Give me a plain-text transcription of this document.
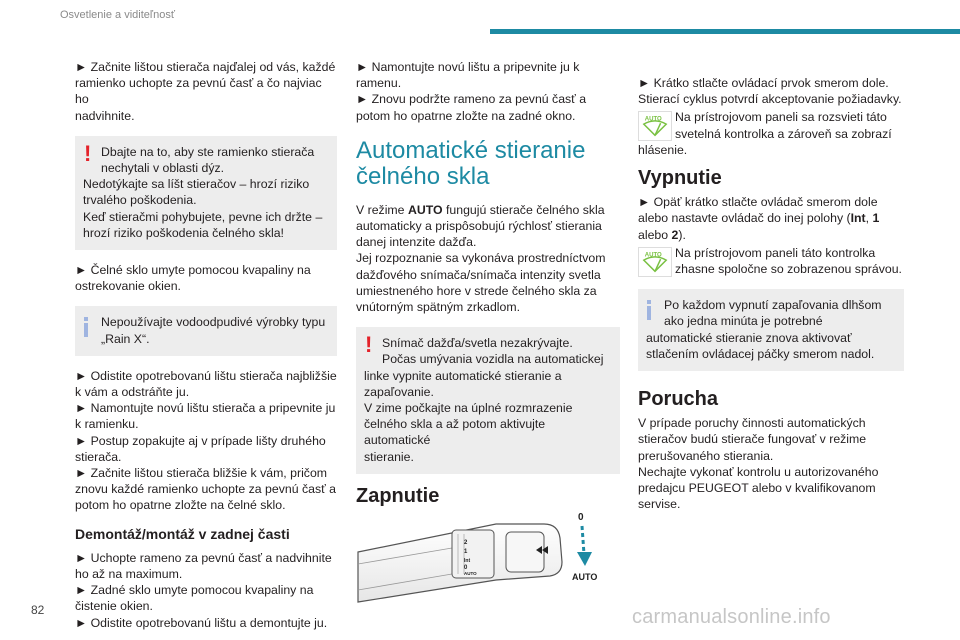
Osvetlenie a viditeľnosť

► Začnite lištou stierača najďalej od vás, každé
ramienko uchopte za pevnú časť a čo najviac ho
nadvihnite.

! Dbajte na to, aby ste ramienko stierača
nechytali v oblasti dýz.
Nedotýkajte sa líšt stieračov – hrozí riziko
trvalého poškodenia.
Keď stieračmi pohybujete, pevne ich držte –
hrozí riziko poškodenia čelného skla!

► Čelné sklo umyte pomocou kvapaliny na
ostrekovanie okien.

Nepoužívajte vodoodpudivé výrobky typu
„Rain X“.

► Odistite opotrebovanú lištu stierača najbližšie
k vám a odstráňte ju.
► Namontujte novú lištu stierača a pripevnite ju
k ramienku.
► Postup zopakujte aj v prípade lišty druhého
stierača.
► Začnite lištou stierača bližšie k vám, pričom
znovu každé ramienko uchopte za pevnú časť a
potom ho opatrne zložte na čelné sklo.

Demontáž/montáž v zadnej časti

► Uchopte rameno za pevnú časť a nadvihnite
ho až na maximum.
► Zadné sklo umyte pomocou kvapaliny na
čistenie okien.
► Odistite opotrebovanú lištu a demontujte ju.

► Namontujte novú lištu a pripevnite ju k
ramenu.
► Znovu podržte rameno za pevnú časť a
potom ho opatrne zložte na zadné okno.

Automatické stieranie
čelného skla

V režime AUTO fungujú stierače čelného skla
automaticky a prispôsobujú rýchlosť stierania
danej intenzite dažďa.
Jej rozpoznanie sa vykonáva prostredníctvom
dažďového snímača/snímača intenzity svetla
umiestneného hore v strede čelného skla za
vnútorným spätným zrkadlom.

! Snímač dažďa/svetla nezakrývajte.
Počas umývania vozidla na automatickej
linke vypnite automatické stieranie a
zapaľovanie.
V zime počkajte na úplné rozmrazenie
čelného skla a až potom aktivujte automatické
stieranie.
Zapnutie
2
1
Int
0
AUTO
0
AUTO

► Krátko stlačte ovládací prvok smerom dole.
Stierací cyklus potvrdí akceptovanie požiadavky.

AUTO Na prístrojovom paneli sa rozsvieti táto
svetelná kontrolka a zároveň sa zobrazí

hlásenie.

Vypnutie

► Opäť krátko stlačte ovládač smerom dole
alebo nastavte ovládač do inej polohy (Int, 1
alebo 2).

AUTO Na prístrojovom paneli táto kontrolka
zhasne spoločne so zobrazenou správou.
Po každom vypnutí zapaľovania dlhšom
ako jedna minúta je potrebné
automatické stieranie znova aktivovať
stlačením ovládacej páčky smerom nadol.
Porucha

V prípade poruchy činnosti automatických
stieračov budú stierače fungovať v režime
prerušovaného stierania.
Nechajte vykonať kontrolu u autorizovaného
predajcu PEUGEOT alebo v kvalifikovanom
servise.

82	carmanualsonline.info
